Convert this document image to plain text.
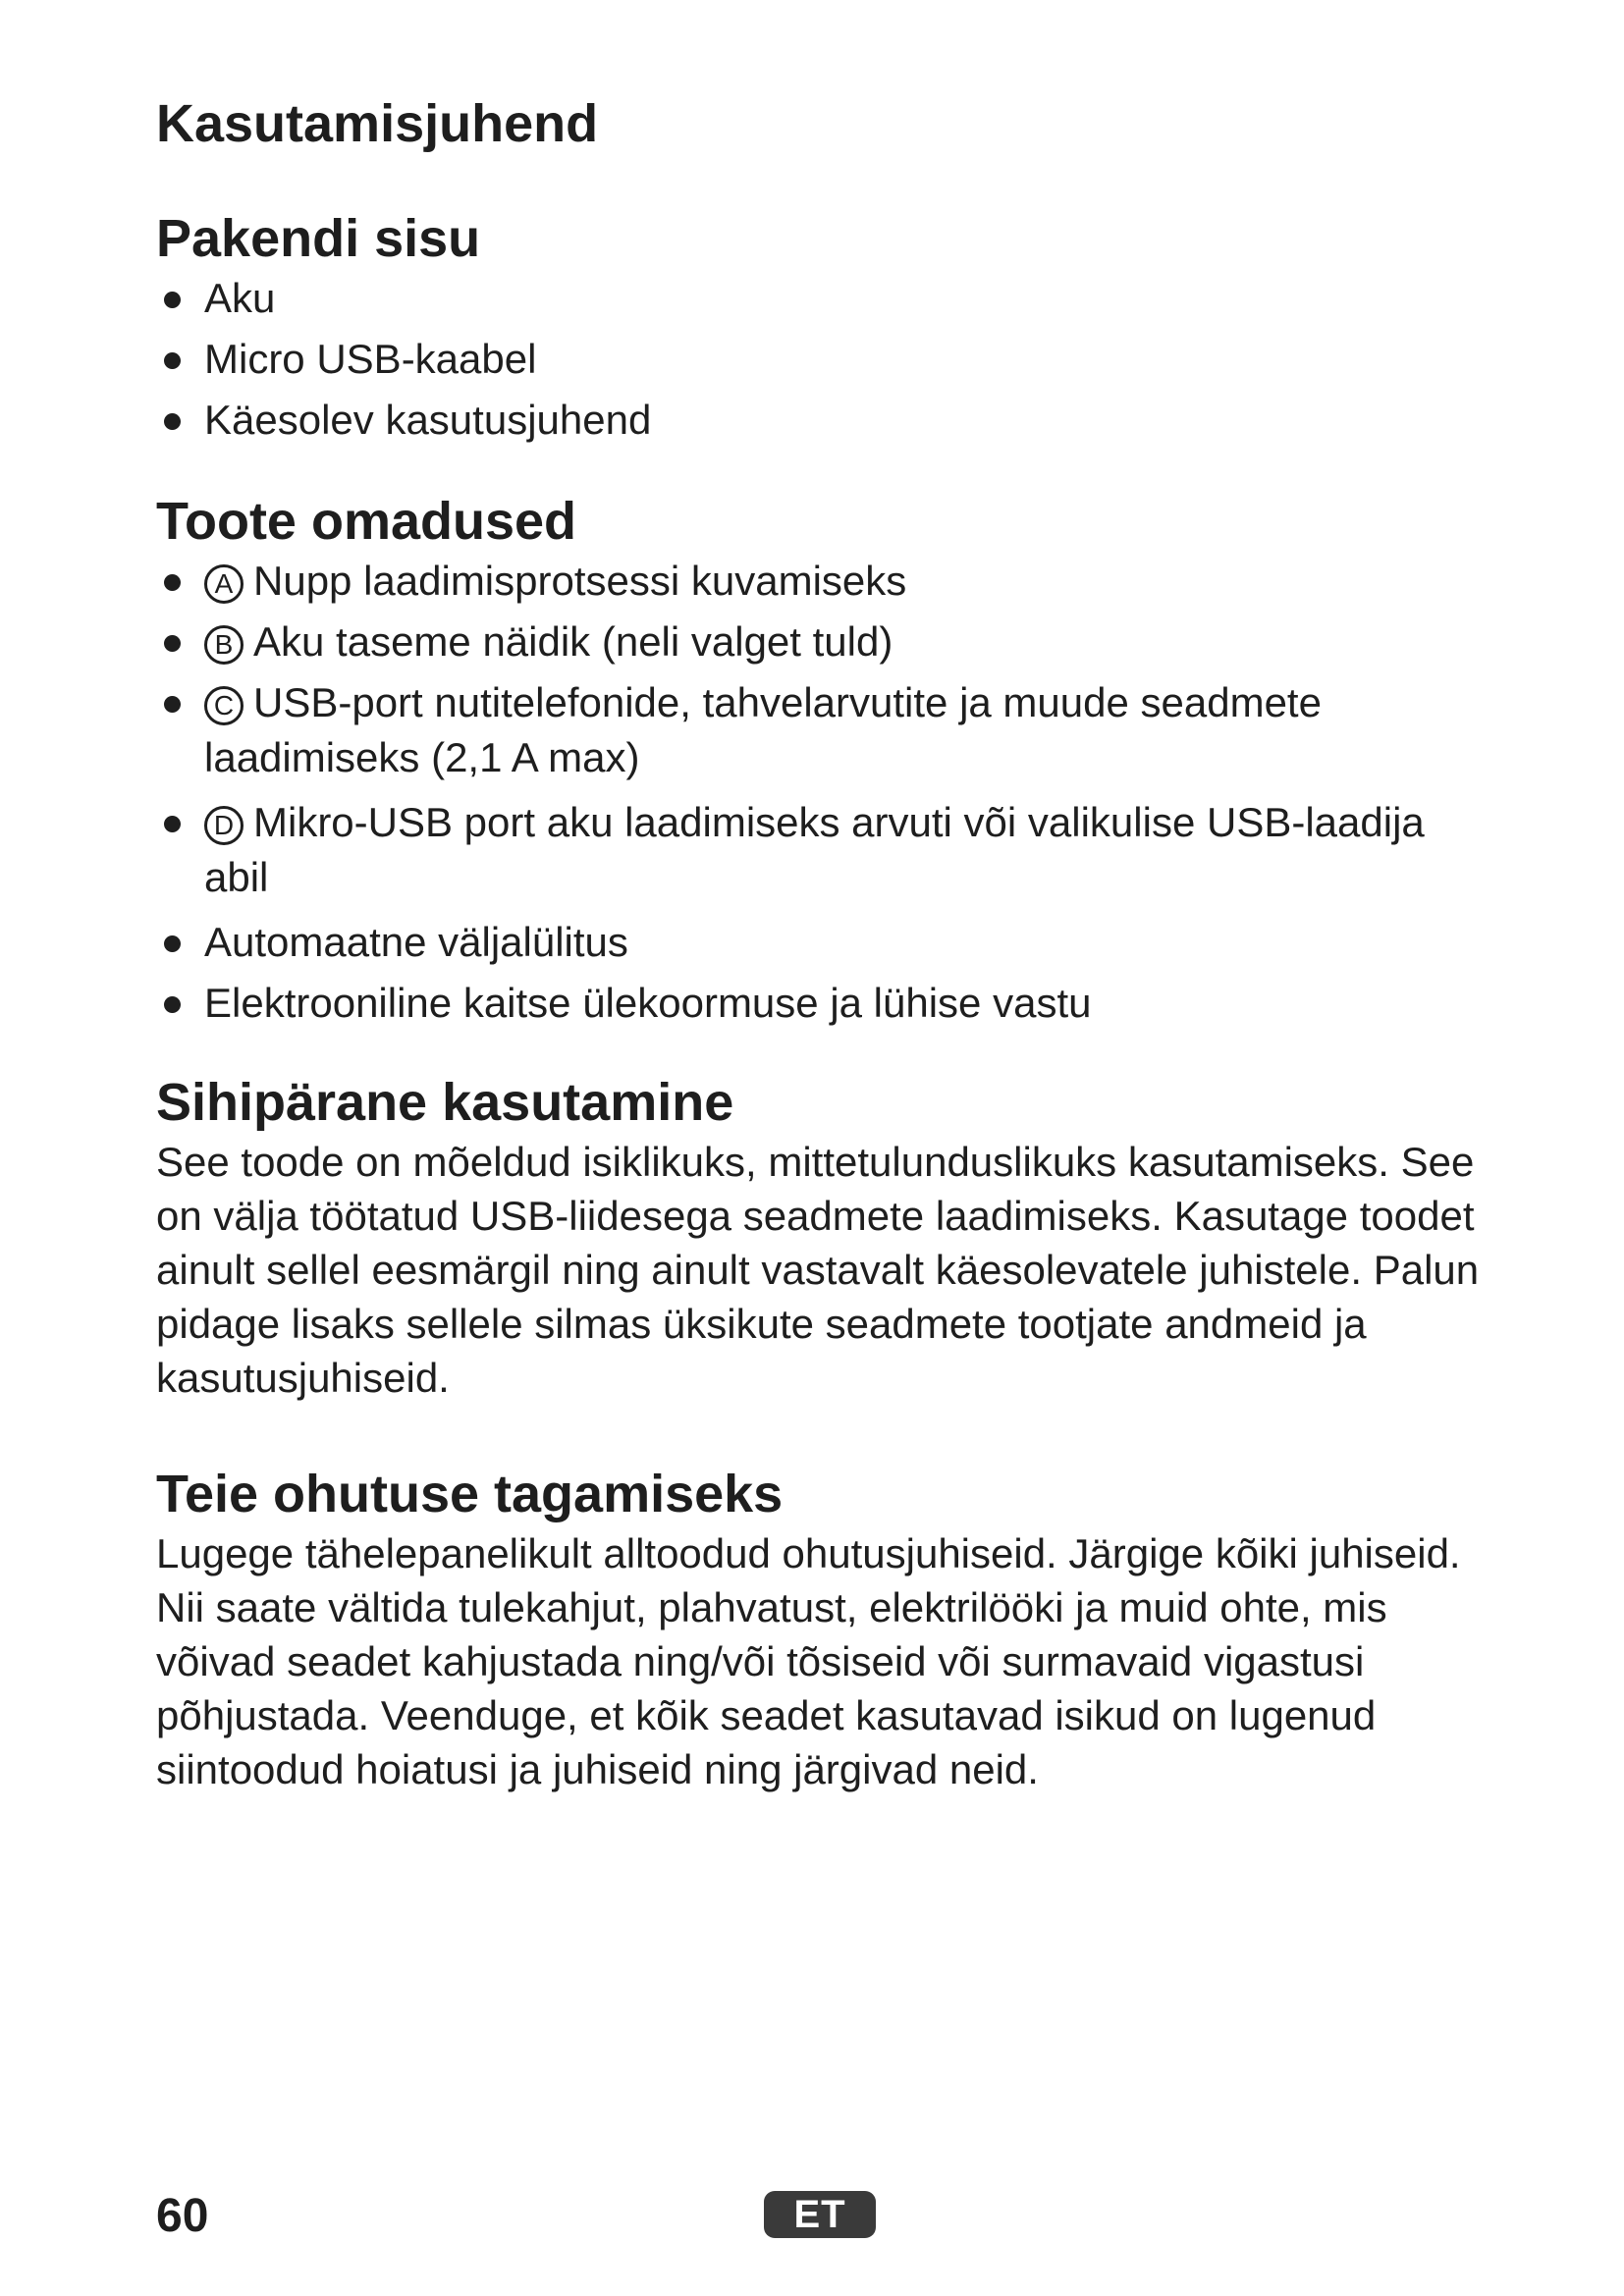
Kasutamisjuhend
Pakendi sisu
Aku
Micro USB-kaabel
Käesolev kasutusjuhend
Toote omadused
A Nupp laadimisprotsessi kuvamiseks
B Aku taseme näidik (neli valget tuld)
C USB-port nutitelefonide, tahvelarvutite ja muude seadmete laadimiseks (2,1 A max)
D Mikro-USB port aku laadimiseks arvuti või valikulise USB-laadija abil
Automaatne väljalülitus
Elektrooniline kaitse ülekoormuse ja lühise vastu
Sihipärane kasutamine

See toode on mõeldud isiklikuks, mittetulunduslikuks kasutamiseks. See on välja töötatud USB-liidesega seadmete laadimiseks. Kasutage toodet ainult sellel eesmärgil ning ainult vastavalt käesolevatele juhistele. Palun pidage lisaks sellele silmas üksikute seadmete tootjate andmeid ja kasutusjuhiseid.

Teie ohutuse tagamiseks

Lugege tähelepanelikult alltoodud ohutusjuhiseid. Järgige kõiki juhiseid. Nii saate vältida tulekahjut, plahvatust, elektrilööki ja muid ohte, mis võivad seadet kahjustada ning/või tõsiseid või surmavaid vigastusi põhjustada. Veenduge, et kõik seadet kasutavad isikud on lugenud siintoodud hoiatusi ja juhiseid ning järgivad neid.

60	ET
